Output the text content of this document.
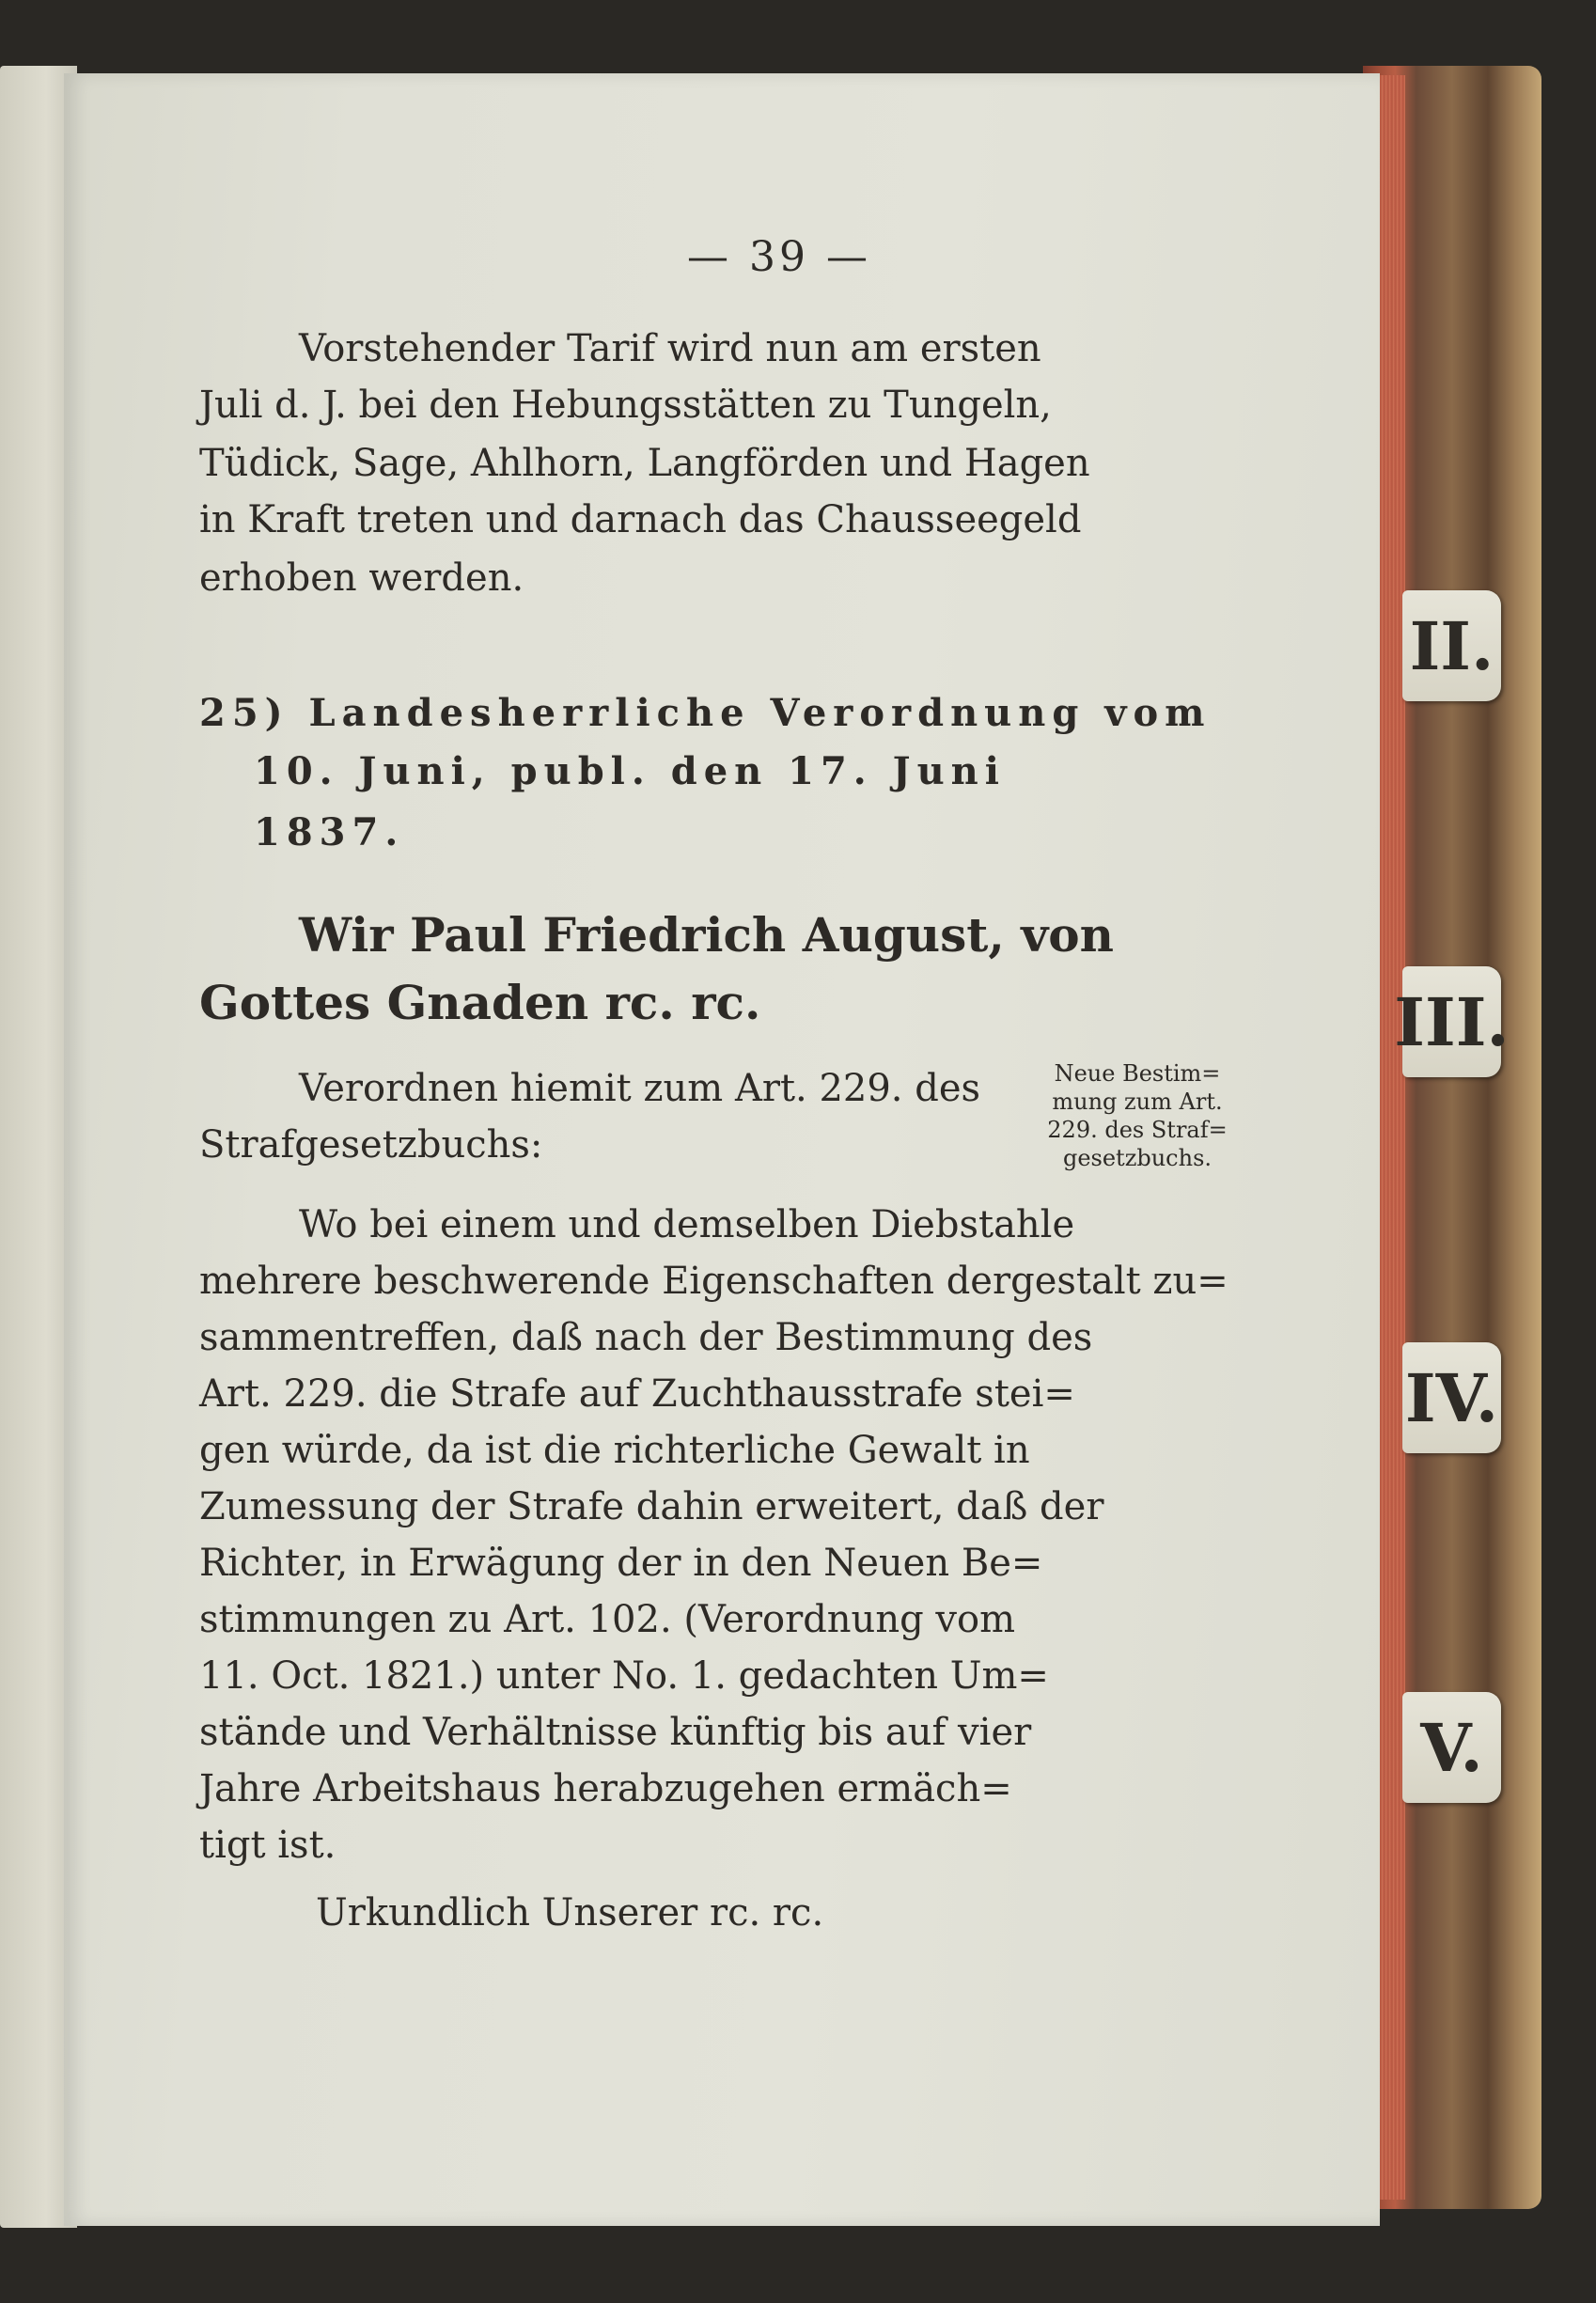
II.
III.
IV.
V.
— 39 —
Vorstehender Tarif wird nun am ersten
Juli d. J. bei den Hebungsstätten zu Tungeln,
Tüdick, Sage, Ahlhorn, Langförden und Hagen
in Kraft treten und darnach das Chausseegeld
erhoben werden.
25) Landesherrliche Verordnung vom
10. Juni, publ. den 17. Juni
1837.
Wir Paul Friedrich August, von
Gottes Gnaden rc. rc.
Verordnen hiemit zum Art. 229. des
Strafgesetzbuchs:
Neue Bestim=
mung zum Art.
229. des Straf=
gesetzbuchs.
Wo bei einem und demselben Diebstahle
mehrere beschwerende Eigenschaften dergestalt zu=
sammentreffen, daß nach der Bestimmung des
Art. 229. die Strafe auf Zuchthausstrafe stei=
gen würde, da ist die richterliche Gewalt in
Zumessung der Strafe dahin erweitert, daß der
Richter, in Erwägung der in den Neuen Be=
stimmungen zu Art. 102. (Verordnung vom
11. Oct. 1821.) unter No. 1. gedachten Um=
stände und Verhältnisse künftig bis auf vier
Jahre Arbeitshaus herabzugehen ermäch=
tigt ist.
Urkundlich Unserer rc. rc.
